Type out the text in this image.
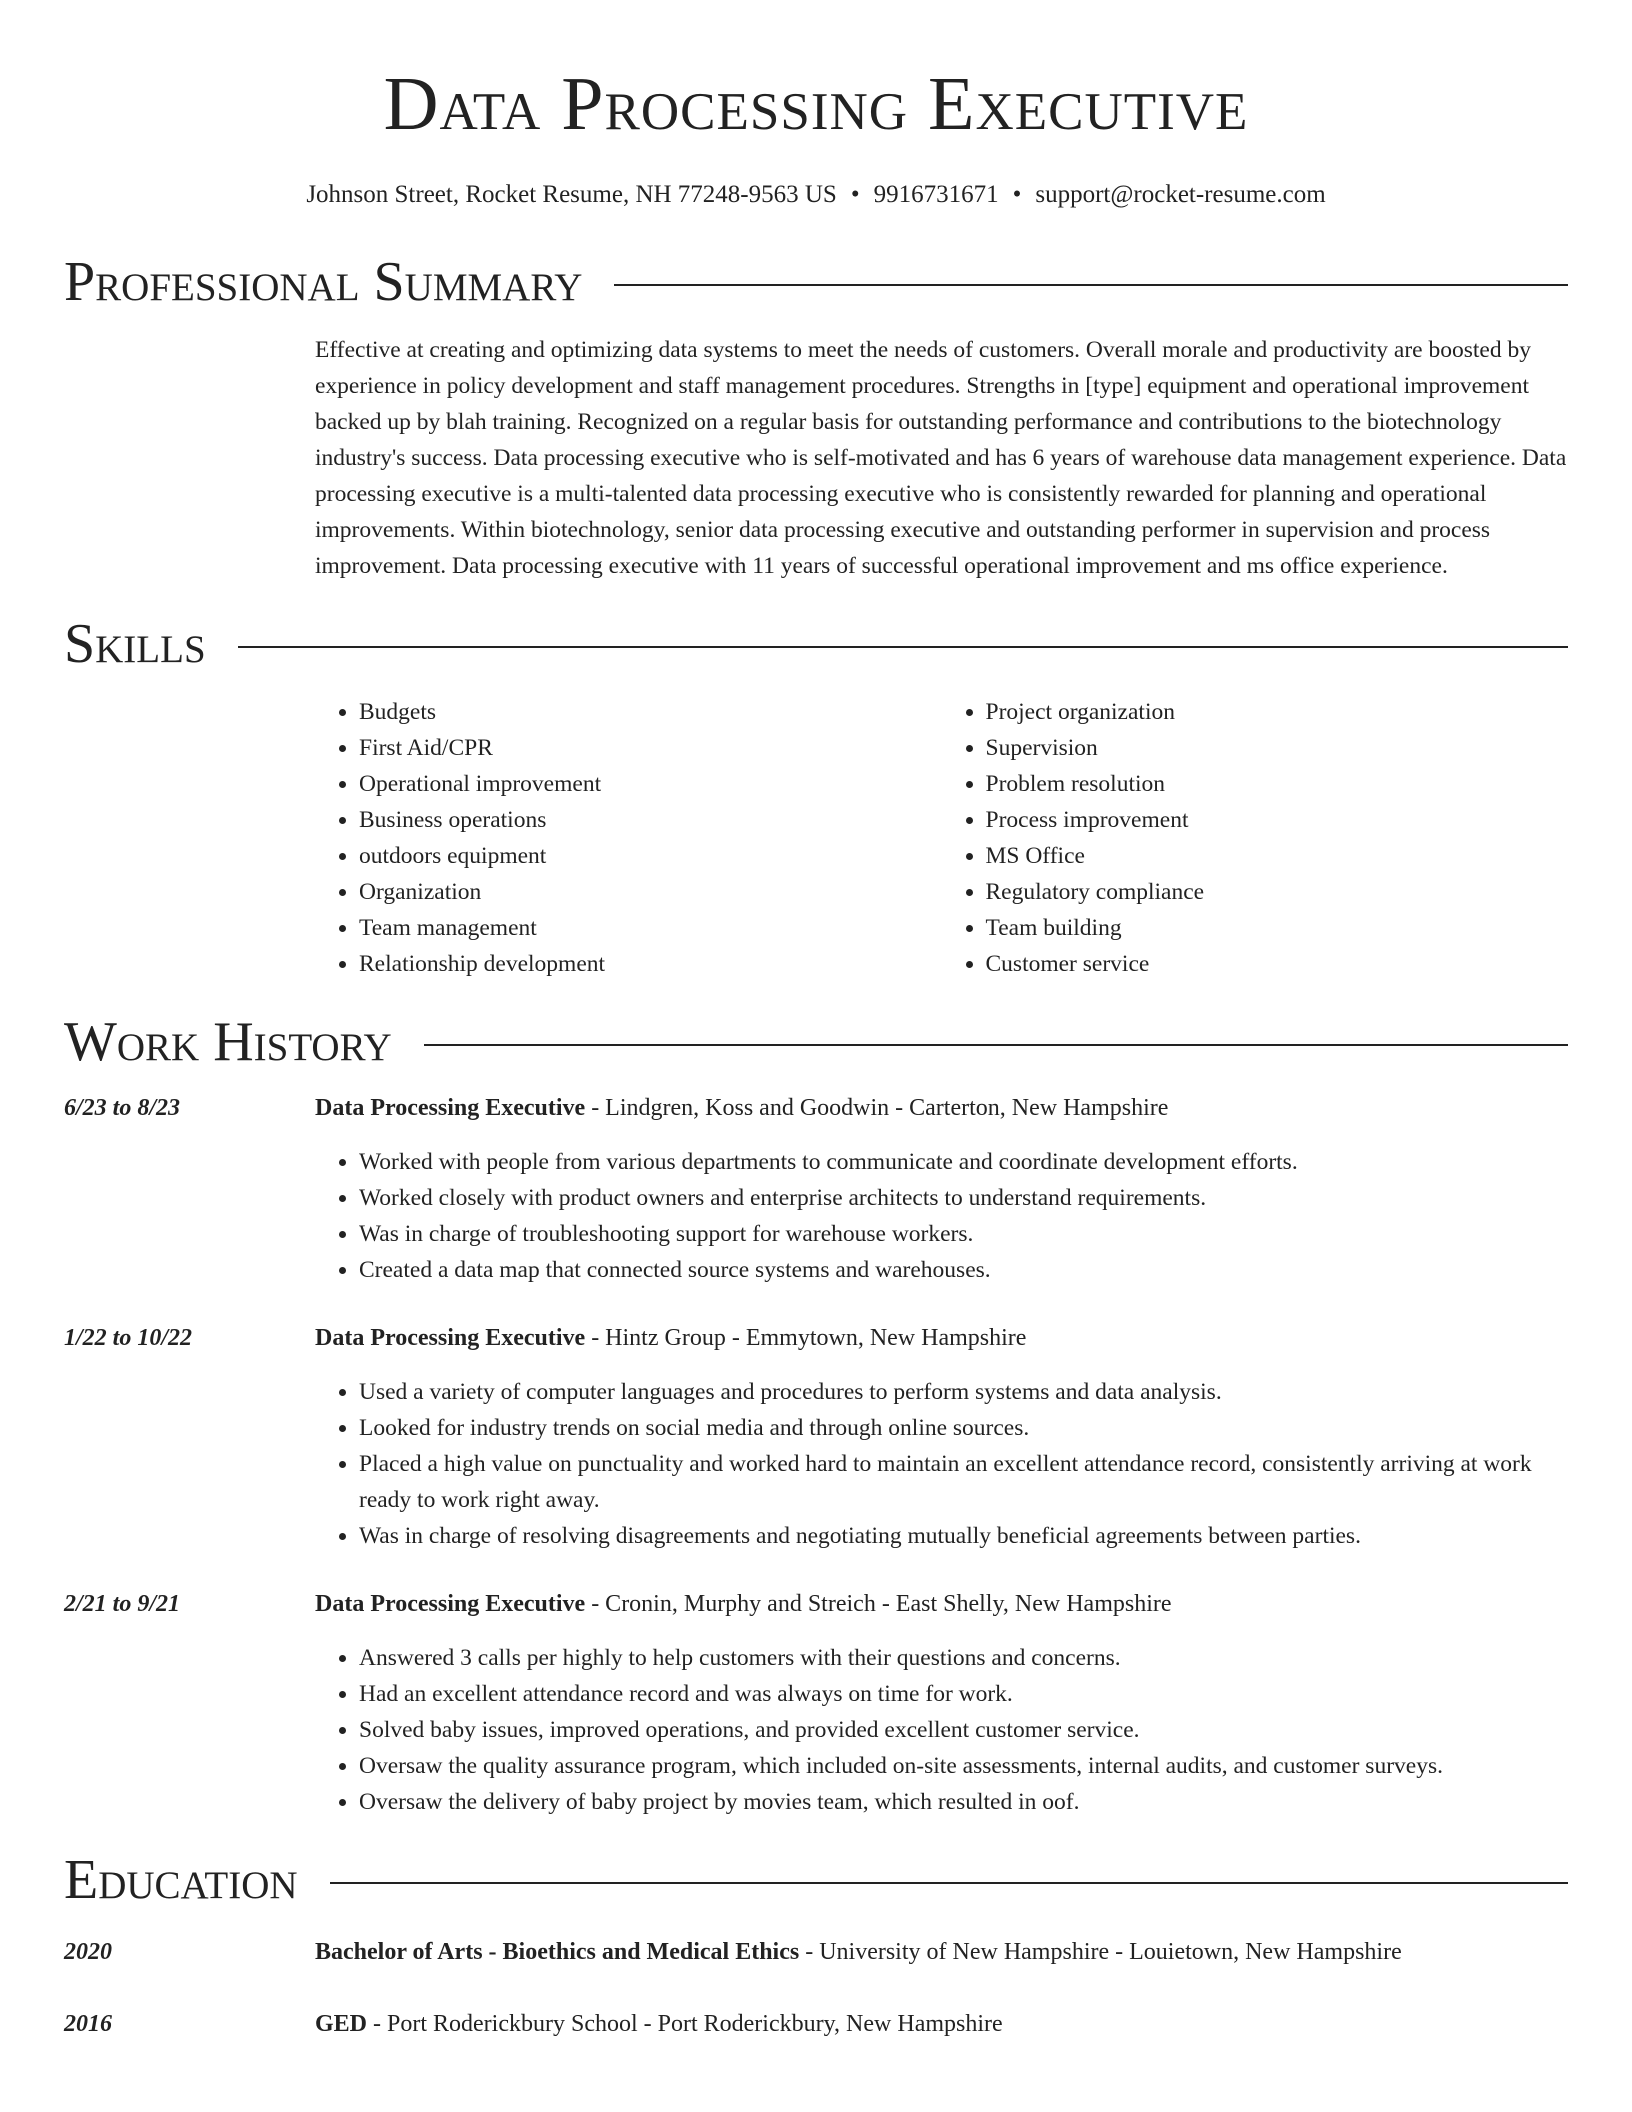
Data Processing Executive
Johnson Street, Rocket Resume, NH 77248-9563 US • 9916731671 • support@rocket-resume.com
Professional Summary
Effective at creating and optimizing data systems to meet the needs of customers. Overall morale and productivity are boosted by experience in policy development and staff management procedures. Strengths in [type] equipment and operational improvement backed up by blah training. Recognized on a regular basis for outstanding performance and contributions to the biotechnology industry's success. Data processing executive who is self-motivated and has 6 years of warehouse data management experience. Data processing executive is a multi-talented data processing executive who is consistently rewarded for planning and operational improvements. Within biotechnology, senior data processing executive and outstanding performer in supervision and process improvement. Data processing executive with 11 years of successful operational improvement and ms office experience.
Skills
• Budgets
• First Aid/CPR
• Operational improvement
• Business operations
• outdoors equipment
• Organization
• Team management
• Relationship development
• Project organization
• Supervision
• Problem resolution
• Process improvement
• MS Office
• Regulatory compliance
• Team building
• Customer service
Work History
6/23 to 8/23	Data Processing Executive - Lindgren, Koss and Goodwin - Carterton, New Hampshire
• Worked with people from various departments to communicate and coordinate development efforts.
• Worked closely with product owners and enterprise architects to understand requirements.
• Was in charge of troubleshooting support for warehouse workers.
• Created a data map that connected source systems and warehouses.
1/22 to 10/22	Data Processing Executive - Hintz Group - Emmytown, New Hampshire
• Used a variety of computer languages and procedures to perform systems and data analysis.
• Looked for industry trends on social media and through online sources.
• Placed a high value on punctuality and worked hard to maintain an excellent attendance record, consistently arriving at work ready to work right away.
• Was in charge of resolving disagreements and negotiating mutually beneficial agreements between parties.
2/21 to 9/21	Data Processing Executive - Cronin, Murphy and Streich - East Shelly, New Hampshire
• Answered 3 calls per highly to help customers with their questions and concerns.
• Had an excellent attendance record and was always on time for work.
• Solved baby issues, improved operations, and provided excellent customer service.
• Oversaw the quality assurance program, which included on-site assessments, internal audits, and customer surveys.
• Oversaw the delivery of baby project by movies team, which resulted in oof.
Education
2020	Bachelor of Arts - Bioethics and Medical Ethics - University of New Hampshire - Louietown, New Hampshire
2016	GED - Port Roderickbury School - Port Roderickbury, New Hampshire
